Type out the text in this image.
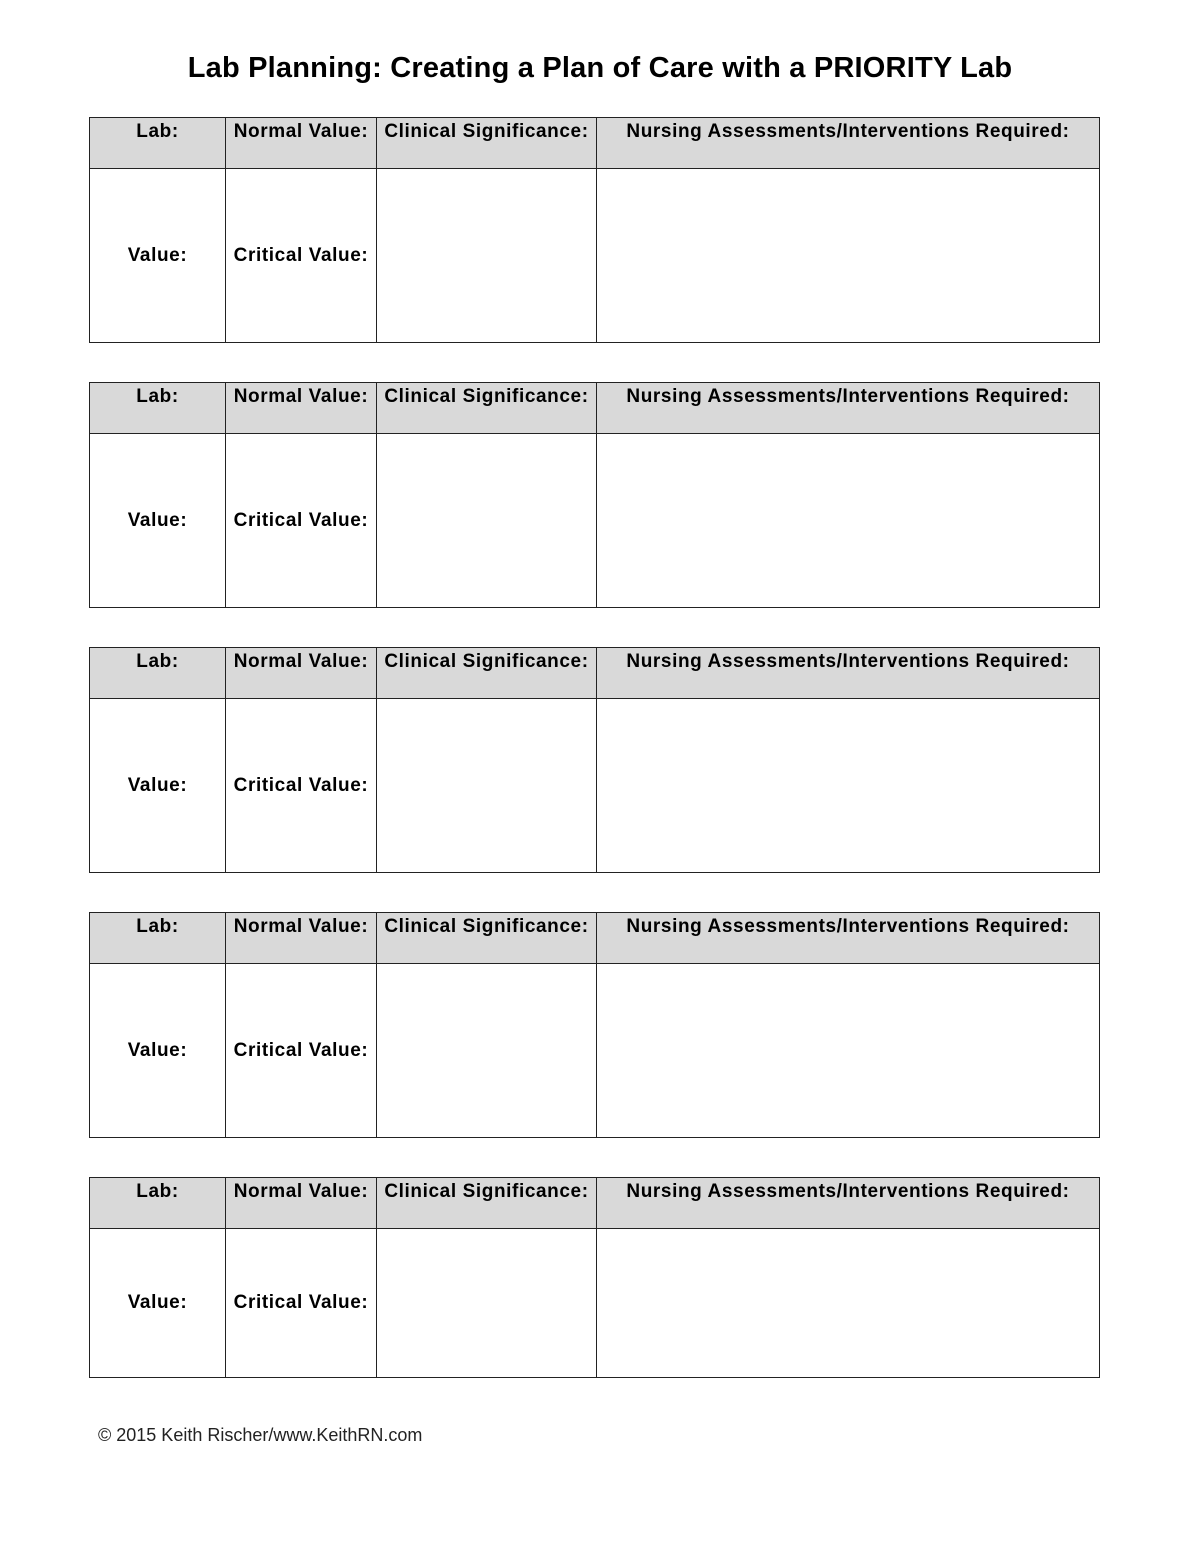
Lab Planning: Creating a Plan of Care with a PRIORITY Lab
Lab:	Normal Value:	Clinical Significance:	Nursing Assessments/Interventions Required:
Value:	Critical Value:		
Lab:	Normal Value:	Clinical Significance:	Nursing Assessments/Interventions Required:
Value:	Critical Value:		
Lab:	Normal Value:	Clinical Significance:	Nursing Assessments/Interventions Required:
Value:	Critical Value:		
Lab:	Normal Value:	Clinical Significance:	Nursing Assessments/Interventions Required:
Value:	Critical Value:		
Lab:	Normal Value:	Clinical Significance:	Nursing Assessments/Interventions Required:
Value:	Critical Value:		
© 2015 Keith Rischer/www.KeithRN.com
